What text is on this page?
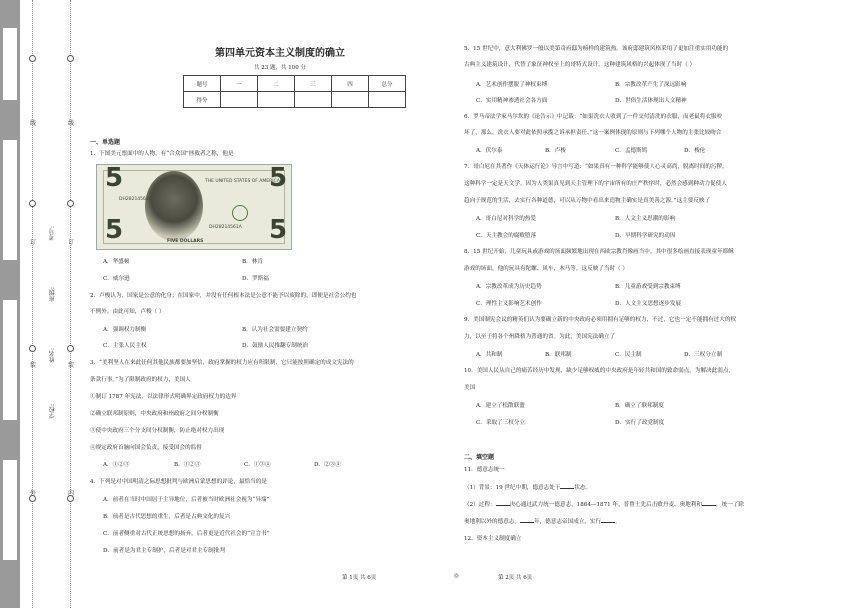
线
订
装
外
线
订
装
内
学校:
姓名:
班级:
考号:
第四单元资本主义制度的确立
共 23 题，共 100 分
题号	一	二	三	四	总分
得分					
一、单选题
1．下图美元票面中的人物，有“合众国”拯救者之称，他是
5	5
5	5
THE UNITED STATES OF AMERICA
DH28214561A
DH28214561A
FIVE DOLLARS
A．华盛顿	B．林肯
C．威尔逊	D．罗斯福
2．卢梭认为，国家是公意的化身；在国家中，并没有任何根本法是公意不能予以废除的，即便是社会公约也
不例外。由此可知，卢梭（ ）
A．强调权力制衡	B．认为社会需要建立契约
C．主张人民主权	D．鼓励人民推翻专制统治
3．“美利坚人在来此任何其他民族都要加坚信，政府掌握的权力应有所限制，它只能按照确定的成文宪法的
条款行事。”为了限制政府的权力，美国人
①制订 1787 年宪法，以法律形式明确界定政府权力的边界
②确立联邦制原则，中央政府和州政府之间分权制衡
③使中央政府三个分支间分权制衡，防止绝对权力出现
④规定政府首脑向国会负责，接受国会的监督
A．①②③	B．①②③	C．①③④	D．②③④
4．下列是对中国明清之际思想批判与欧洲启蒙思想的评论，最恰当的是
A．前者在当时中国居于主导地位，后者被当时欧洲社会视为“异端”
B．前者是古代思想的重生，后者是古典文化的复兴
C．前者侧重对古代正统思想的扬弃，后者更是近代社会的“宣言书”
D．前者是为君主专制护，后者是对君主专制批判
5．15 世纪中，意大利佛罗一般以美第奇府邸为榜样的建筑热。该府邸建筑风格采用了更加注重实用功能的
古典主义建筑设计，代替了象征神权至上的哥特式设计。这种建筑风格的兴起体现了当时（ ）
A．艺术创作摆脱了神权束缚	B．宗教改革产生了深远影响
C．实用精神渗透社会各方面	D．世俗生活体现出人文精神
6．罗马帝法学家马尔坎的《论告示》中记载：“如果洗衣人收到了一件交付清洗的衣服，而老鼠将衣服咬
坏了，那么，洗衣人要对此依照承揽之诉承担责任。”这一案例体现的原则与下列哪个人物的主张比较吻合
A．伏尔泰	B．卢梭	C．孟德斯鸠	D．梭伦
7．哥白尼在其著作《天体运行论》导言中写道：“如果真有一种科学能够使人心灵高尚，脱离时间的污秽，
这种科学一定是天文学。因为人类果真见到天主管理下的宇宙所有的庄严秩序时，必然会感到种动力促使人
趋向于规范的生活，去实行各种道德，可以从万物中看出来造物主确实是真美善之源。”这主要反映了
A．哥白尼对科学的热爱	B．人文主义思潮的影响
C．天主教会的腐败堕落	D．早期科学研究的动因
8．15 世纪开始，儿童玩具或游戏的场面频繁地出现在西欧宗教肖像画当中。其中很多绘画直接表现童年耶稣
游戏的场面，他的玩具有陀螺、风车、木马等。这反映了当时（ ）
A．宗教改革成为历史趋势	B．儿童游戏受到宗教束缚
C．理性主义影响艺术创作	D．人文主义思想逐步发展
9．美国制宪会议的精英们认为要确立新的中央政府必须用拥有足够的权力，不过，它也一定不能拥有过大的权
力，以至于将各个州降格为普通的省。为此，美国宪法确立了
A．共和制	B．联邦制	C．民主制	D．三权分立制
10．美国人民从自己的痛苦经历中发现，缺少足够权威的中央政府是年轻共和国的致命弱点。为解决此弱点，
美国
A．建立了松散联盟	B．确立了联邦制度
C．采取了三权分立	D．实行了政党制度
二、填空题
11．德意志统一
（1）背景：19 世纪中期，德意志处于	状态。
（2）过程：	决心通过武力统一德意志，1864—1871 年，普鲁士先后击败丹麦、奥地利和	，统一了除
奥地利以外的德意志。	年，德意志帝国成立，实行	。
12．资本主义制度确立
第 1页 共 6页	◎	第 2页 共 6页
